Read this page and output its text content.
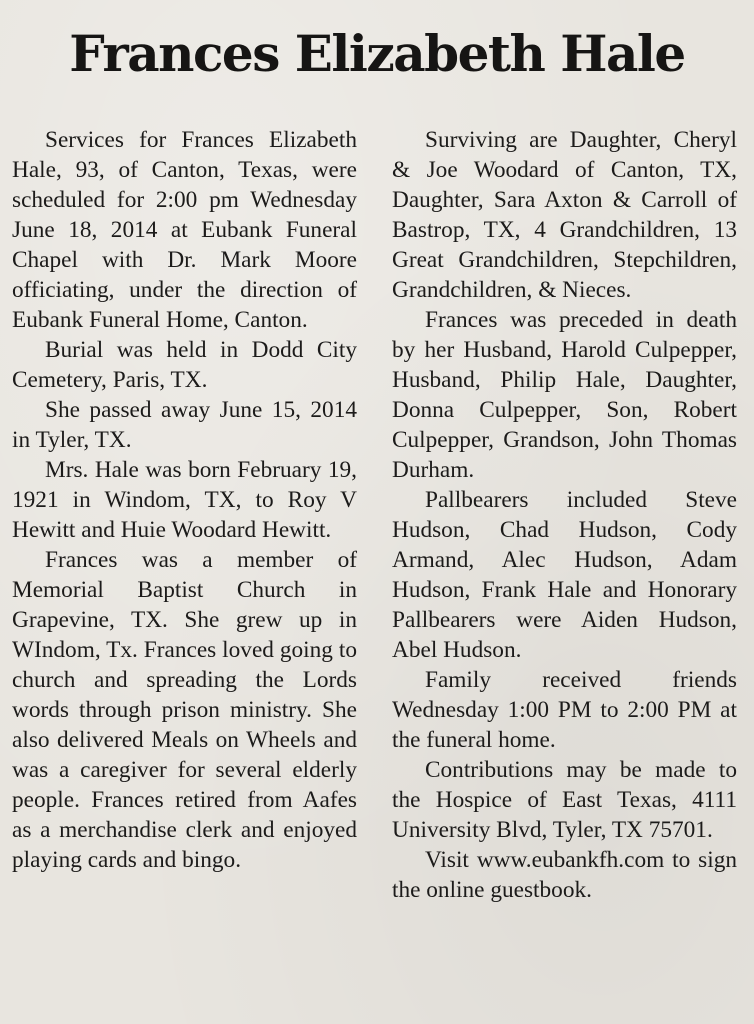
Frances Elizabeth Hale

Services for Frances Elizabeth Hale, 93, of Canton, Texas, were scheduled for 2:00 pm Wednesday June 18, 2014 at Eubank Funeral Chapel with Dr. Mark Moore officiating, under the direction of Eubank Funeral Home, Canton.

Burial was held in Dodd City Cemetery, Paris, TX.

She passed away June 15, 2014 in Tyler, TX.

Mrs. Hale was born February 19, 1921 in Windom, TX, to Roy V Hewitt and Huie Woodard Hewitt.

Frances was a member of Memorial Baptist Church in Grapevine, TX. She grew up in WIndom, Tx. Frances loved going to church and spreading the Lords words through prison ministry. She also delivered Meals on Wheels and was a caregiver for several elderly people. Frances retired from Aafes as a merchandise clerk and enjoyed playing cards and bingo.

Surviving are Daughter, Cheryl & Joe Woodard of Canton, TX, Daughter, Sara Axton & Carroll of Bastrop, TX, 4 Grandchildren, 13 Great Grandchildren, Stepchildren, Grandchildren, & Nieces.

Frances was preceded in death by her Husband, Harold Culpepper, Husband, Philip Hale, Daughter, Donna Culpepper, Son, Robert Culpepper, Grandson, John Thomas Durham.

Pallbearers included Steve Hudson, Chad Hudson, Cody Armand, Alec Hudson, Adam Hudson, Frank Hale and Honorary Pallbearers were Aiden Hudson, Abel Hudson.

Family received friends Wednesday 1:00 PM to 2:00 PM at the funeral home.

Contributions may be made to the Hospice of East Texas, 4111 University Blvd, Tyler, TX 75701.

Visit www.eubankfh.com to sign the online guestbook.
